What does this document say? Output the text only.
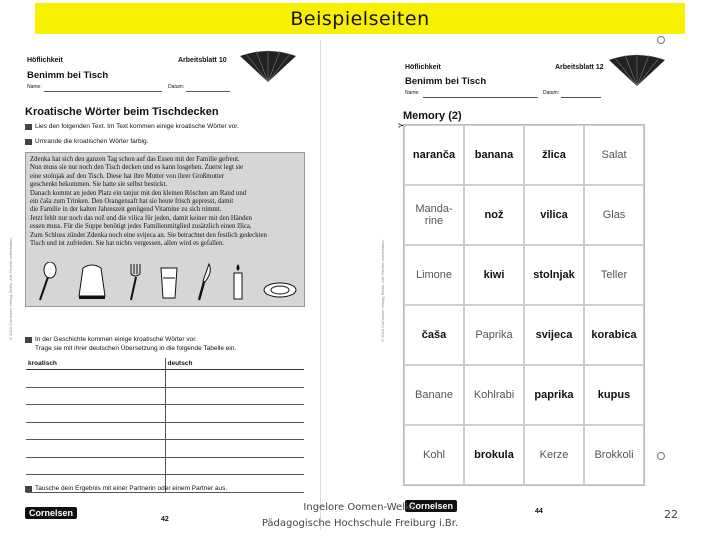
Beispielseiten
Höflichkeit	Arbeitsblatt 10
Benimm bei Tisch
Name:	Datum:
Kroatische Wörter beim Tischdecken
Lies den folgenden Text. Im Text kommen einige kroatische Wörter vor.
Umrande die kroatischen Wörter farbig.
Zdenka hat sich den ganzen Tag schon auf das Essen mit der Familie gefreut.
Nun muss sie nur noch den Tisch decken und es kann losgehen. Zuerst legt sie
eine stolnjak auf den Tisch. Diese hat ihre Mutter von ihrer Großmutter
geschenkt bekommen. Sie hatte sie selbst bestickt.
Danach kommt an jeden Platz ein tanjur mit den kleinen Röschen am Rand und
ein čaša zum Trinken. Den Orangensaft hat sie heute frisch gepresst, damit
die Familie in der kalten Jahreszeit genügend Vitamine zu sich nimmt.
Jetzt fehlt nur noch das nož und die vilica für jeden, damit keiner mit den Händen
essen muss. Für die Suppe benötigt jedes Familienmitglied zusätzlich einen žlica.
Zum Schluss zündet Zdenka noch eine svijeca an. Sie betrachtet den festlich gedeckten
Tisch und ist zufrieden. Sie hat nichts vergessen, allen wird es gefallen.
In der Geschichte kommen einige kroatische Wörter vor.
Trage sie mit ihrer deutschen Übersetzung in die folgende Tabelle ein.
kroatisch	deutsch

Tausche dein Ergebnis mit einer Partnerin oder einem Partner aus.
Cornelsen
42
© 2010 Cornelsen Verlag, Berlin. Alle Rechte vorbehalten.
Höflichkeit	Arbeitsblatt 12
Benimm bei Tisch
Name:	Datum:
Memory (2)
✂
naranča	banana	žlica	Salat
Manda-
rine	nož	vilica	Glas
Limone	kiwi	stolnjak	Teller
čaša	Paprika	svijeca	korabica
Banane	Kohlrabi	paprika	kupus
Kohl	brokula	Kerze	Brokkoli
Cornelsen
44
© 2010 Cornelsen Verlag, Berlin. Alle Rechte vorbehalten.
Ingelore Oomen-Welke
Pädagogische Hochschule Freiburg i.Br.
22
